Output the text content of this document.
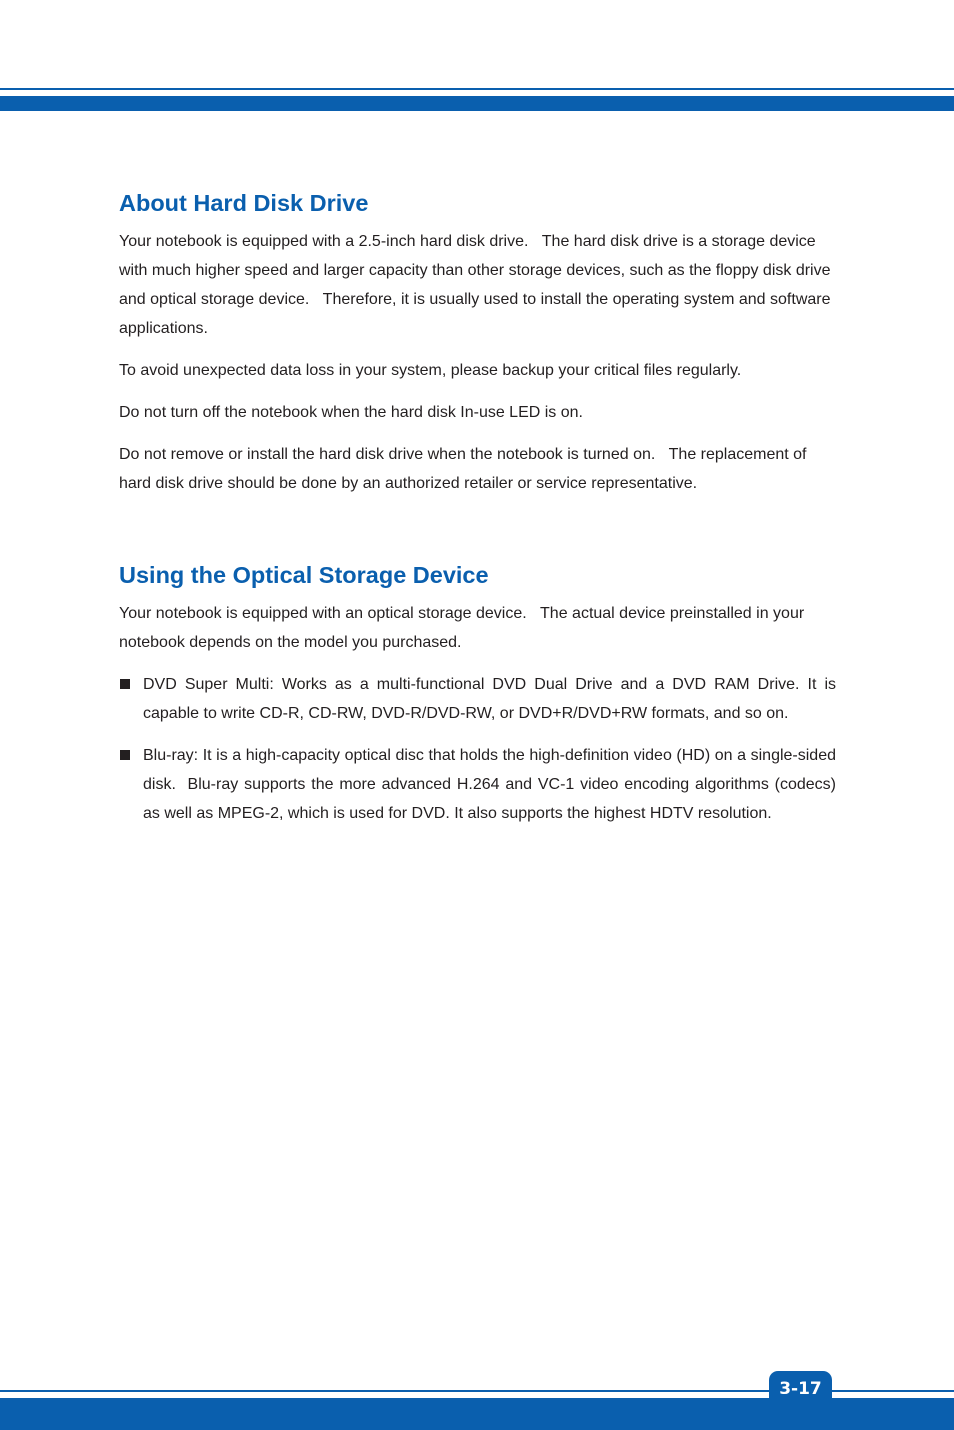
About Hard Disk Drive

Your notebook is equipped with a 2.5-inch hard disk drive.   The hard disk drive is a storage device with much higher speed and larger capacity than other storage devices, such as the floppy disk drive and optical storage device.   Therefore, it is usually used to install the operating system and software applications.

To avoid unexpected data loss in your system, please backup your critical files regularly.

Do not turn off the notebook when the hard disk In-use LED is on.

Do not remove or install the hard disk drive when the notebook is turned on.   The replacement of hard disk drive should be done by an authorized retailer or service representative.

Using the Optical Storage Device

Your notebook is equipped with an optical storage device.   The actual device preinstalled in your notebook depends on the model you purchased.

DVD Super Multi: Works as a multi-functional DVD Dual Drive and a DVD RAM Drive. It is capable to write CD-R, CD-RW, DVD-R/DVD-RW, or DVD+R/DVD+RW formats, and so on.
Blu-ray: It is a high-capacity optical disc that holds the high-definition video (HD) on a single-sided disk.  Blu-ray supports the more advanced H.264 and VC-1 video encoding algorithms (codecs) as well as MPEG-2, which is used for DVD. It also supports the highest HDTV resolution.
3-17
